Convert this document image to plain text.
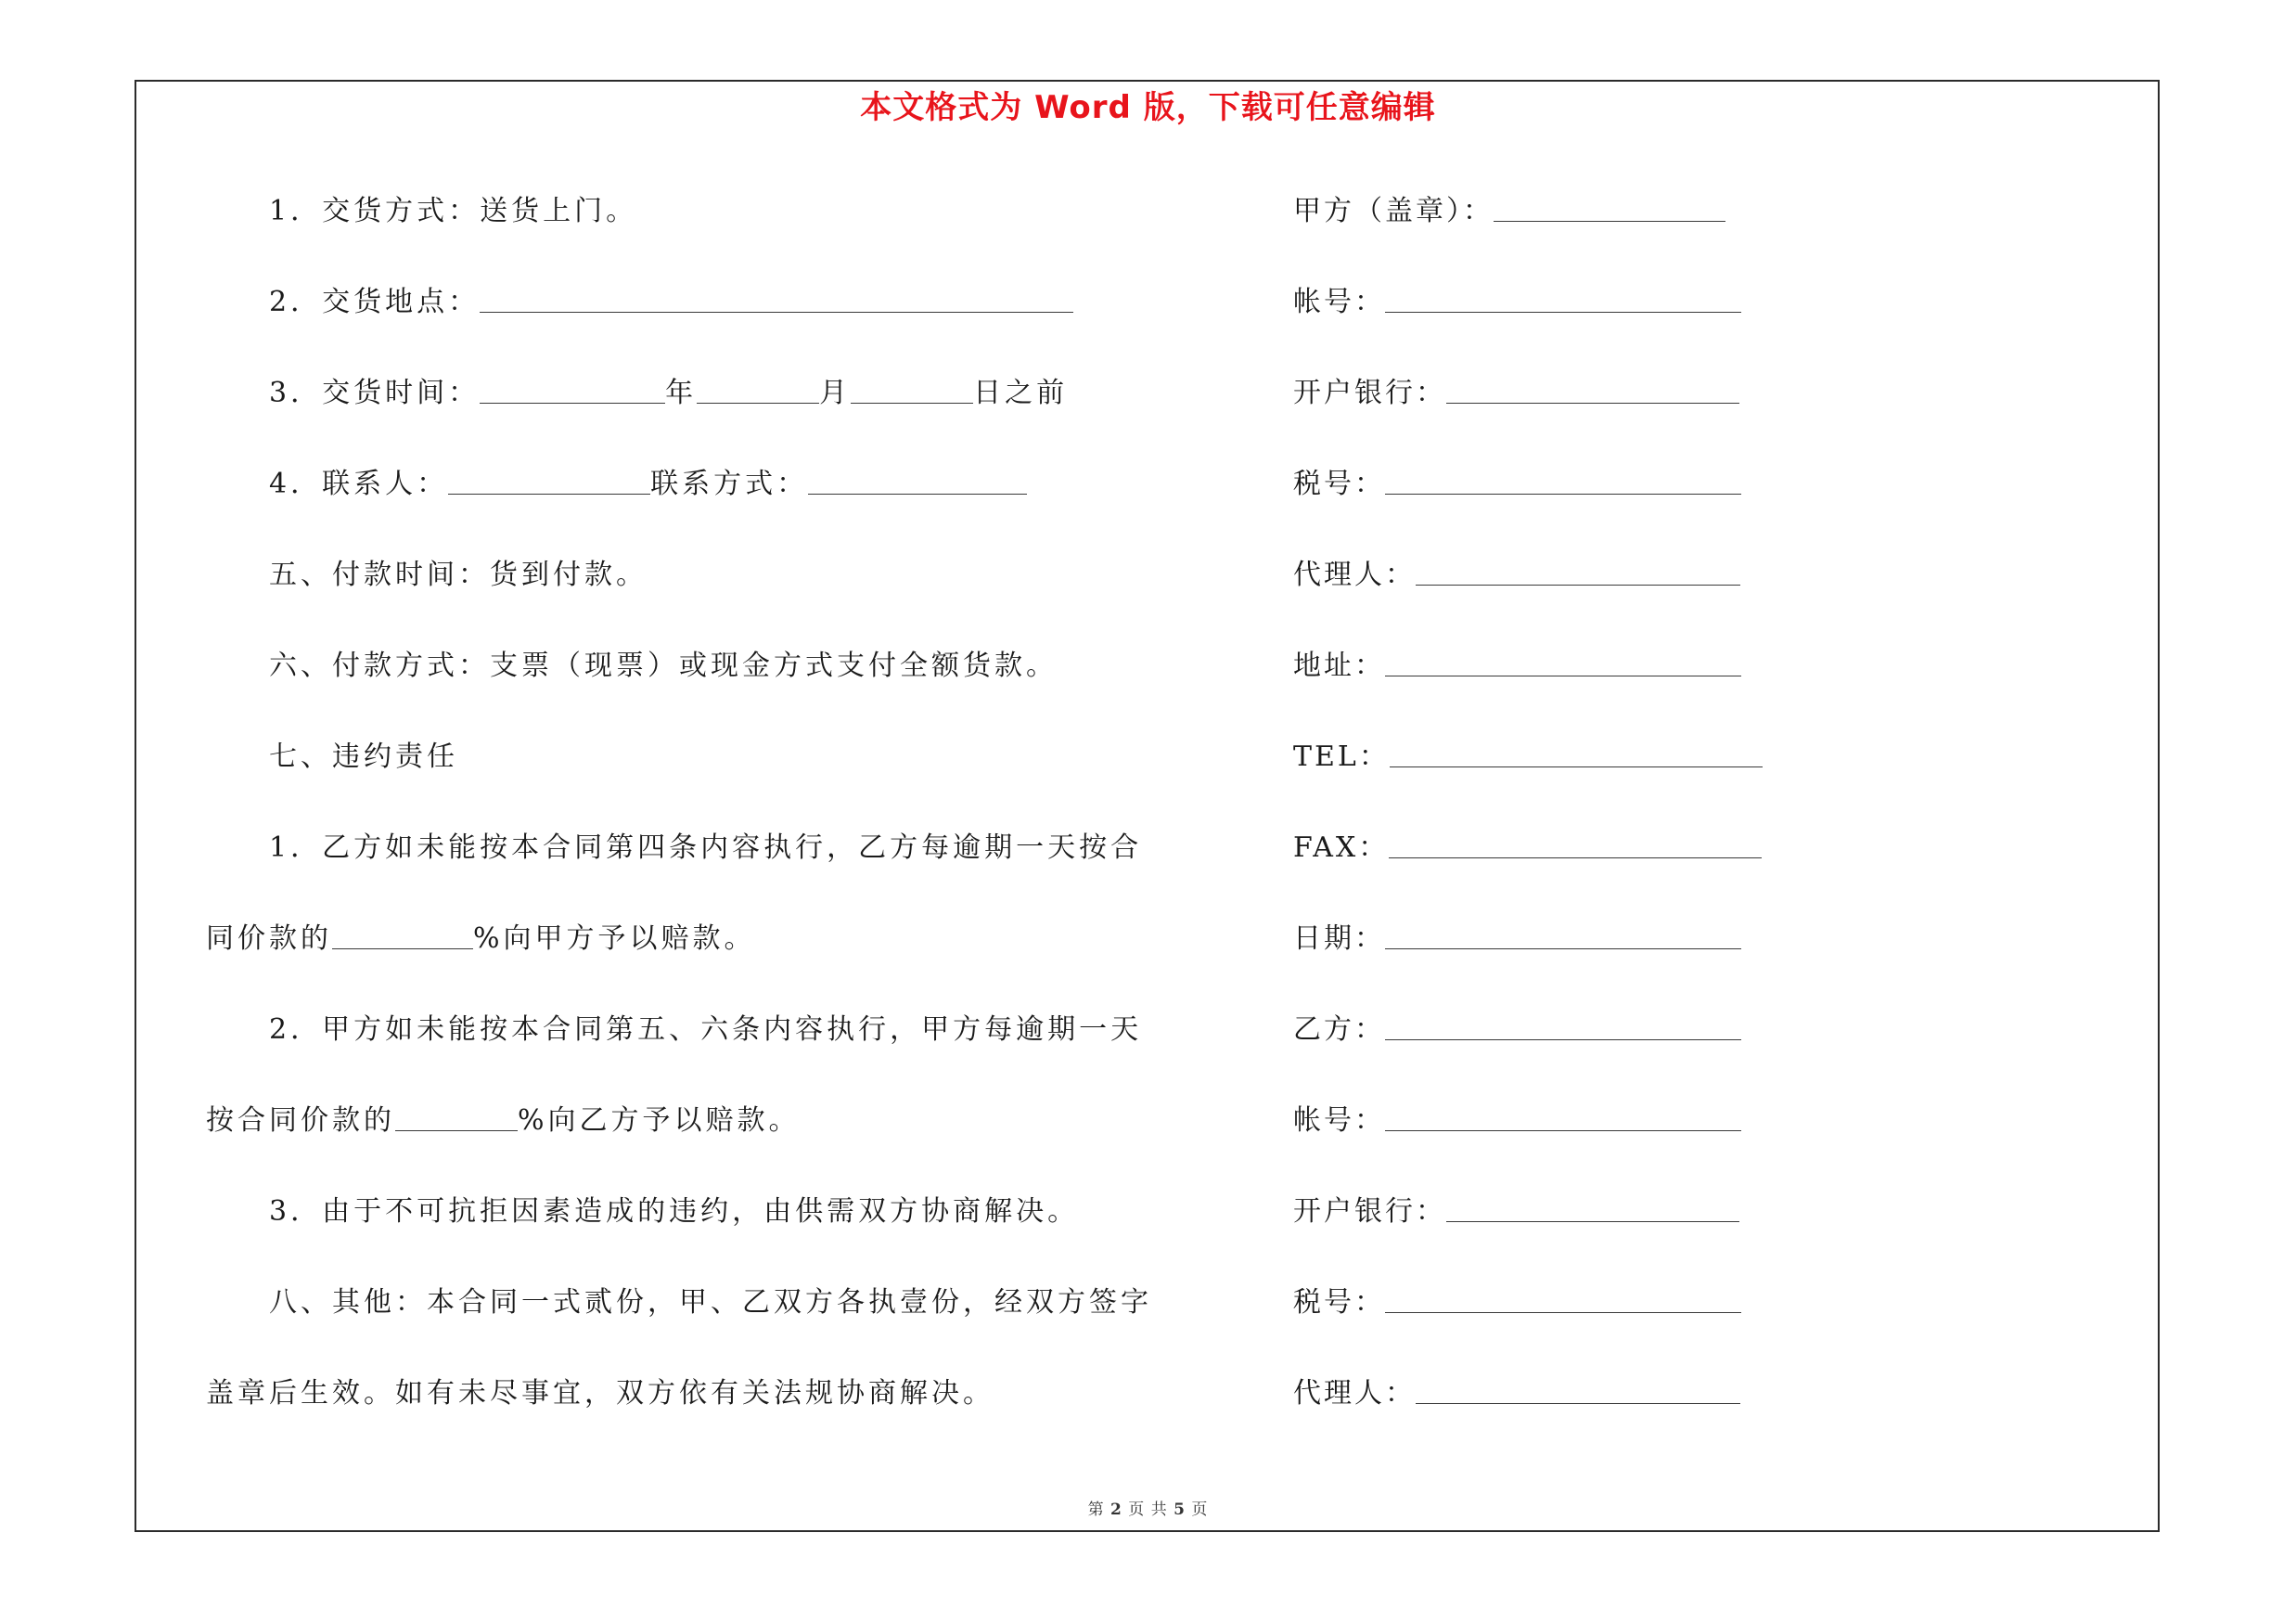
本文格式为 Word 版，下载可任意编辑
1．交货方式：送货上门。
2．交货地点：
3．交货时间：	年	月	日之前
4．联系人：	联系方式：
五、付款时间：货到付款。
六、付款方式：支票（现票）或现金方式支付全额货款。
七、违约责任
1．乙方如未能按本合同第四条内容执行，乙方每逾期一天按合
同价款的	%向甲方予以赔款。
2．甲方如未能按本合同第五、六条内容执行，甲方每逾期一天
按合同价款的	%向乙方予以赔款。
3．由于不可抗拒因素造成的违约，由供需双方协商解决。
八、其他：本合同一式贰份，甲、乙双方各执壹份，经双方签字
盖章后生效。如有未尽事宜，双方依有关法规协商解决。
甲方（盖章）：
帐号：
开户银行：
税号：
代理人：
地址：
TEL：
FAX：
日期：
乙方：
帐号：
开户银行：
税号：
代理人：
第 2 页 共 5 页
